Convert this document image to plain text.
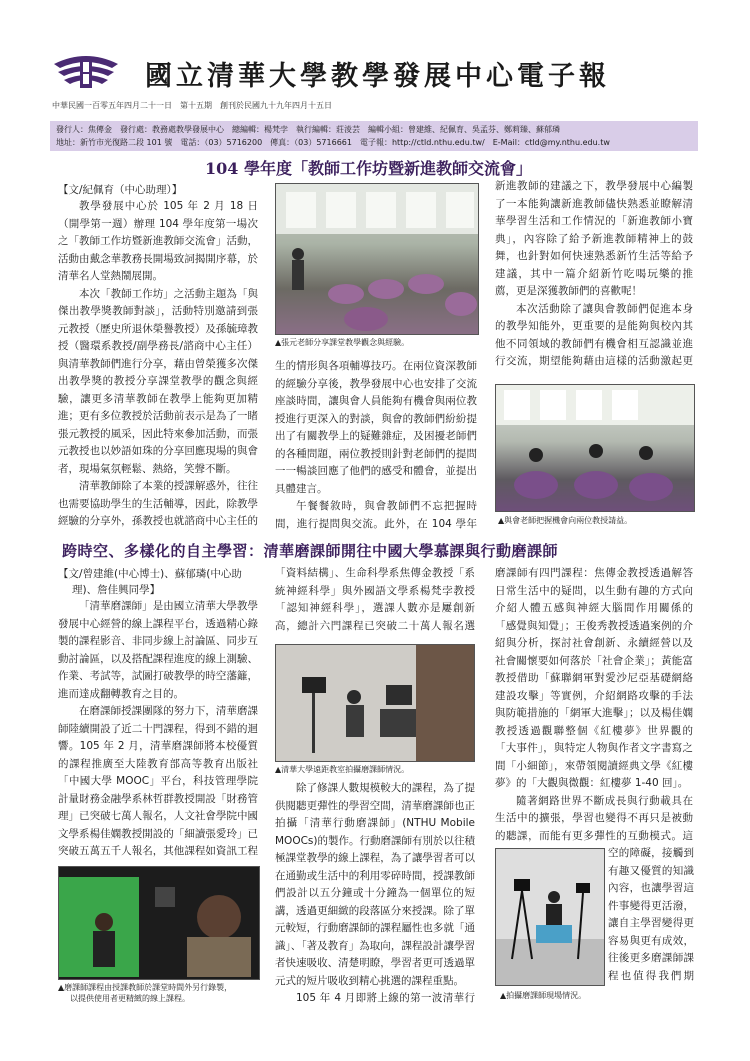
國立清華大學教學發展中心電子報
中華民國一百零五年四月二十一日　第十五期　創刊於民國九十九年四月十五日
發行人：焦傳金　發行處：教務處教學發展中心　總編輯：楊梵孛　執行編輯：莊淩芸　編輯小組：曾建維、紀佩育、吳孟芬、鄭莉臻、蘇郁璘
地址：新竹市光復路二段 101 號　電話：（03）5716200　傳真：（03）5716661　電子報：http://ctld.nthu.edu.tw/　E-Mail：ctld@my.nthu.edu.tw
104 學年度「教師工作坊暨新進教師交流會」
【文/紀佩育（中心助理）】

教學發展中心於 105 年 2 月 18 日（開學第一週）辦理 104 學年度第一場次之「教師工作坊暨新進教師交流會」活動，活動由戴念華教務長開場致詞揭開序幕，於清華名人堂熱鬧展開。

本次「教師工作坊」之活動主題為「與傑出教學獎教師對談」，活動特別邀請到張元教授（歷史所退休榮譽教授）及孫毓璋教授（醫環系教授/副學務長/諮商中心主任）與清華教師們進行分享，藉由曾榮獲多次傑出教學獎的教授分享課堂教學的觀念與經驗，讓更多清華教師在教學上能夠更加精進；更有多位教授於活動前表示是為了一睹張元教授的風采，因此特來參加活動，而張元教授也以妙語如珠的分享回應現場的與會者，現場氣氛輕鬆、熱絡，笑聲不斷。

清華教師除了本業的授課解惑外，往往也需要協助學生的生活輔導，因此，除教學經驗的分享外，孫教授也就諮商中心主任的

▲張元老師分享課堂教學觀念與經驗。

生的情形與各項輔導技巧。在兩位資深教師的經驗分享後，教學發展中心也安排了交流座談時間，讓與會人員能夠有機會與兩位教授進行更深入的對談，與會的教師們紛紛提出了有關教學上的疑難雜症，及困擾老師們的各種問題，兩位教授則針對老師們的提問一一暢談回應了他們的感受和體會，並提出具體建言。

午餐餐敘時，與會教師們不忘把握時間，進行提問與交流。此外，在 104 學年

新進教師的建議之下，教學發展中心編製了一本能夠讓新進教師儘快熟悉並瞭解清華學習生活和工作情況的「新進教師小寶典」，內容除了給予新進教師精神上的鼓舞，也針對如何快速熟悉新竹生活等給予建議，其中一篇介紹新竹吃喝玩樂的推薦，更是深獲教師們的喜歡呢！

本次活動除了讓與會教師們促進本身的教學知能外，更重要的是能夠與校內其他不同領域的教師們有機會相互認識並進行交流，期望能夠藉由這樣的活動激起更

▲與會老師把握機會向兩位教授請益。
跨時空、多樣化的自主學習：清華磨課師開往中國大學慕課與行動磨課師
【文/曾建維(中心博士)、蘇郁璘(中心助
理)、詹佳興同學】

「清華磨課師」是由國立清華大學教學發展中心經營的線上課程平台，透過精心錄製的課程影音、非同步線上討論區、同步互動討論區，以及搭配課程進度的線上測驗、作業、考試等，試圖打破教學的時空藩籬，進而達成翻轉教育之目的。

在磨課師授課團隊的努力下，清華磨課師陸續開設了近二十門課程，得到不錯的迴響。105 年 2 月，清華磨課師將本校優質的課程推廣至大陸教育部高等教育出版社「中國大學 MOOC」平台，科技管理學院計量財務金融學系林哲群教授開設「財務管理」已突破七萬人報名，人文社會學院中國文學系楊佳嫻教授開設的「細讀張愛玲」已突破五萬五千人報名，其他課程如資訊工程

▲磨課師課程由授課教師於課堂時間外另行錄製，
以提供使用者更精緻的線上課程。

「資料結構」、生命科學系焦傳金教授「系統神經科學」與外國語文學系楊梵孛教授「認知神經科學」，選課人數亦是屢創新高，總計六門課程已突破二十萬人報名選

▲清華大學遠距教室拍攝磨課師情況。

除了修課人數規模較大的課程，為了提供閱聽更彈性的學習空間，清華磨課師也正拍攝「清華行動磨課師」(NTHU Mobile MOOCs)的製作。行動磨課師有別於以往積極課堂教學的線上課程，為了讓學習者可以在通勤或生活中的利用零碎時間，授課教師們設計以五分鐘或十分鐘為一個單位的短講，透過更細緻的段落區分來授課。除了單元較短，行動磨課師的課程屬性也多就「通識」、「著及教育」為取向，課程設計讓學習者快速吸收、清楚明瞭，學習者更可透過單元式的短片吸收到精心挑選的課程重點。

105 年 4 月即將上線的第一波清華行

磨課師有四門課程：焦傳金教授透過解答日常生活中的疑問，以生動有趣的方式向介紹人體五感與神經大腦間作用關係的「感覺與知覺」；王俊秀教授透過案例的介紹與分析，探討社會創新、永續經營以及社會關懷要如何落於「社會企業」；黃能富教授借助「蘇聯網軍對愛沙尼亞基礎網絡建設攻擊」等實例，介紹網路攻擊的手法與防範措施的「網軍大進擊」；以及楊佳嫻教授透過觀聯整個《紅樓夢》世界觀的「大事件」，與特定人物與作者文字書寫之間「小細節」，來帶領閱讀經典文學《紅樓夢》的「大觀與微觀：紅樓夢 1-40 回」。

隨著網路世界不斷成長與行動載具在生活中的擴張，學習也變得不再只是被動的聽課，而能有更多彈性的互動模式。這

空的障礙，接觸到有趣又優質的知識內容，也讓學習這件事變得更活潑，讓自主學習變得更容易與更有成效，往後更多磨課師課程也值得我們期

▲拍攝磨課師現場情況。
